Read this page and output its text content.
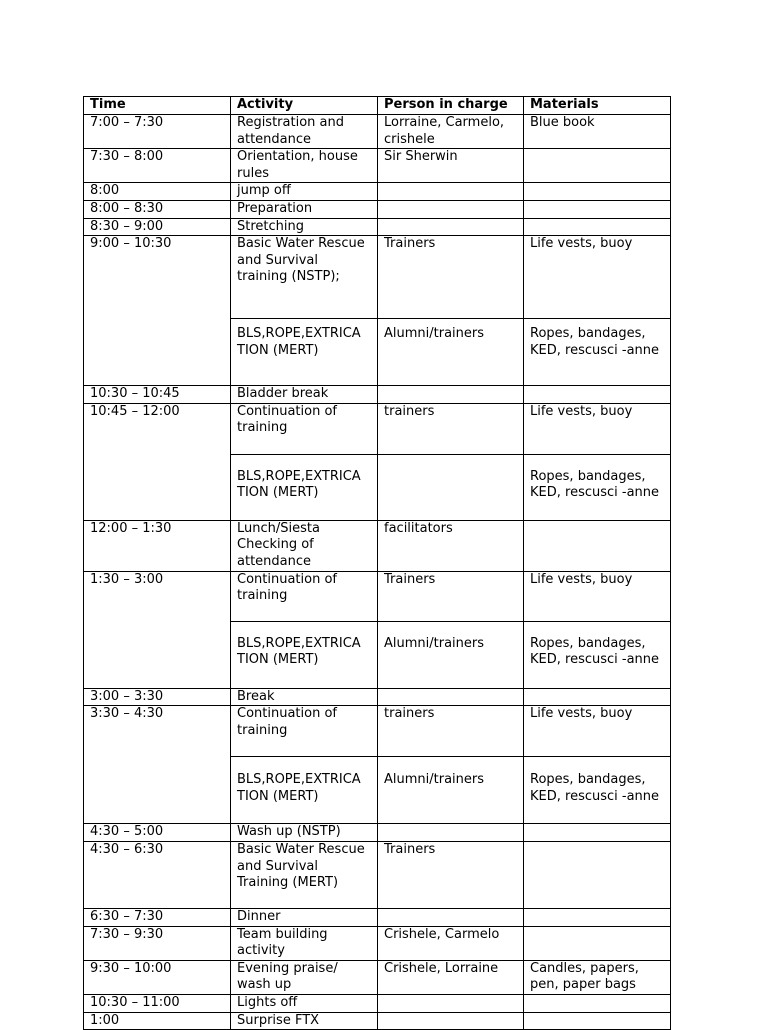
Time	Activity	Person in charge	Materials
7:00 – 7:30	Registration and attendance	Lorraine, Carmelo, crishele	Blue book
7:30 – 8:00	Orientation, house rules	Sir Sherwin	
8:00	jump off		
8:00 – 8:30	Preparation		
8:30 – 9:00	Stretching		
9:00 – 10:30	Basic Water Rescue and Survival training (NSTP);	Trainers	Life vests, buoy
	BLS,ROPE,EXTRICA TION (MERT)	Alumni/trainers	Ropes, bandages, KED, rescusci -anne
10:30 – 10:45	Bladder break		
10:45 – 12:00	Continuation of training	trainers	Life vests, buoy
	BLS,ROPE,EXTRICA TION (MERT)		Ropes, bandages, KED, rescusci -anne
12:00 – 1:30	Lunch/Siesta Checking of attendance	facilitators	
1:30 – 3:00	Continuation of training	Trainers	Life vests, buoy
	BLS,ROPE,EXTRICA TION (MERT)	Alumni/trainers	Ropes, bandages, KED, rescusci -anne
3:00 – 3:30	Break		
3:30 – 4:30	Continuation of training	trainers	Life vests, buoy
	BLS,ROPE,EXTRICA TION (MERT)	Alumni/trainers	Ropes, bandages, KED, rescusci -anne
4:30 – 5:00	Wash up (NSTP)		
4:30 – 6:30	Basic Water Rescue and Survival Training (MERT)	Trainers	
6:30 – 7:30	Dinner		
7:30 – 9:30	Team building activity	Crishele, Carmelo	
9:30 – 10:00	Evening praise/ wash up	Crishele, Lorraine	Candles, papers, pen, paper bags
10:30 – 11:00	Lights off		
1:00	Surprise FTX		
